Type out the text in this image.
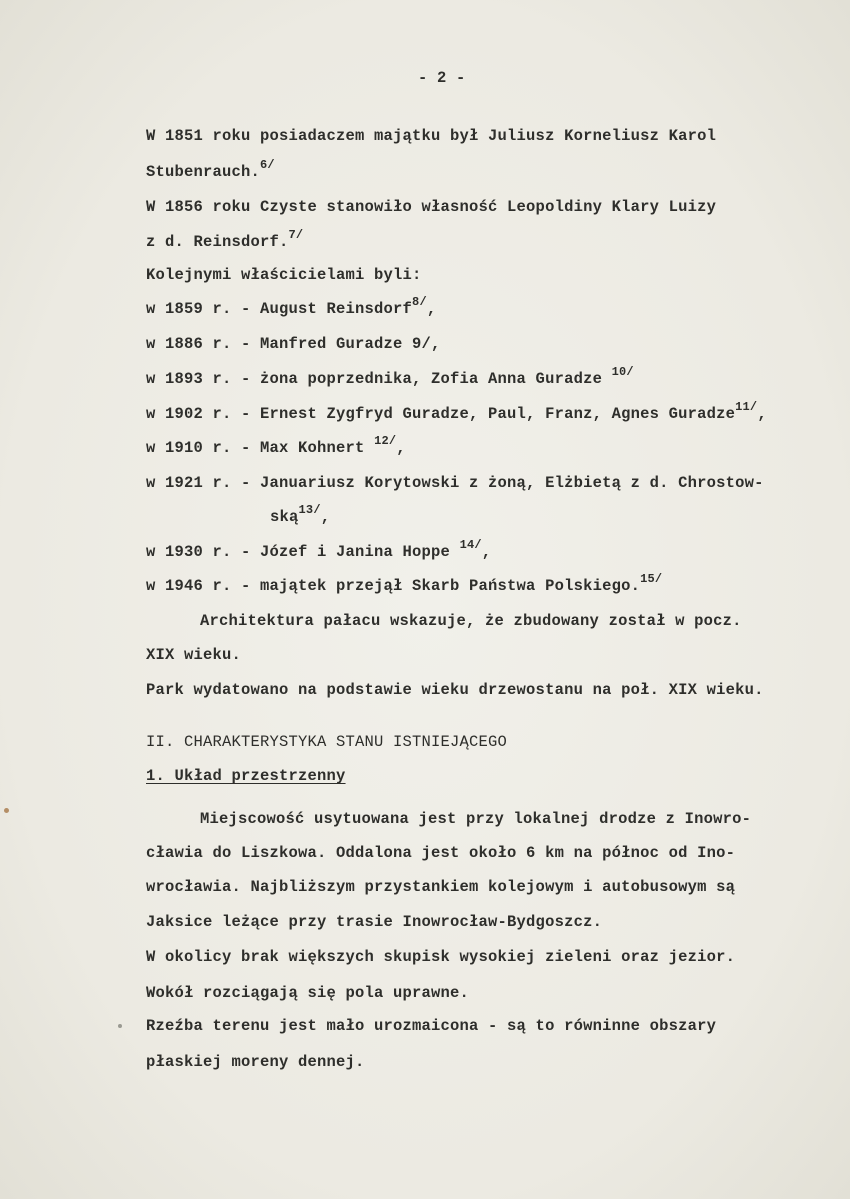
- 2 -
W 1851 roku posiadaczem majątku był Juliusz Korneliusz Karol
Stubenrauch.$^{6/}$
W 1856 roku Czyste stanowiło własność Leopoldiny Klary Luizy
z d. Reinsdorf.$^{7/}$
Kolejnymi właścicielami byli:
w 1859 r. - August Reinsdorf$^{8/}$,
w 1886 r. - Manfred Guradze 9/,
w 1893 r. - żona poprzednika, Zofia Anna Guradze $^{10/}$
w 1902 r. - Ernest Zygfryd Guradze, Paul, Franz, Agnes Guradze$^{11/}$,
w 1910 r. - Max Kohnert $^{12/}$,
w 1921 r. - Januariusz Korytowski z żoną, Elżbietą z d. Chrostow-
ską$^{13/}$,
w 1930 r. - Józef i Janina Hoppe $^{14/}$,
w 1946 r. - majątek przejął Skarb Państwa Polskiego.$^{15/}$
Architektura pałacu wskazuje, że zbudowany został w pocz.
XIX wieku.
Park wydatowano na podstawie wieku drzewostanu na poł. XIX wieku.
II. CHARAKTERYSTYKA STANU ISTNIEJĄCEGO
1. Układ przestrzenny
Miejscowość usytuowana jest przy lokalnej drodze z Inowro-
cławia do Liszkowa. Oddalona jest około 6 km na północ od Ino-
wrocławia. Najbliższym przystankiem kolejowym i autobusowym są
Jaksice leżące przy trasie Inowrocław-Bydgoszcz.
W okolicy brak większych skupisk wysokiej zieleni oraz jezior.
Wokół rozciągają się pola uprawne.
Rzeźba terenu jest mało urozmaicona - są to równinne obszary
płaskiej moreny dennej.
